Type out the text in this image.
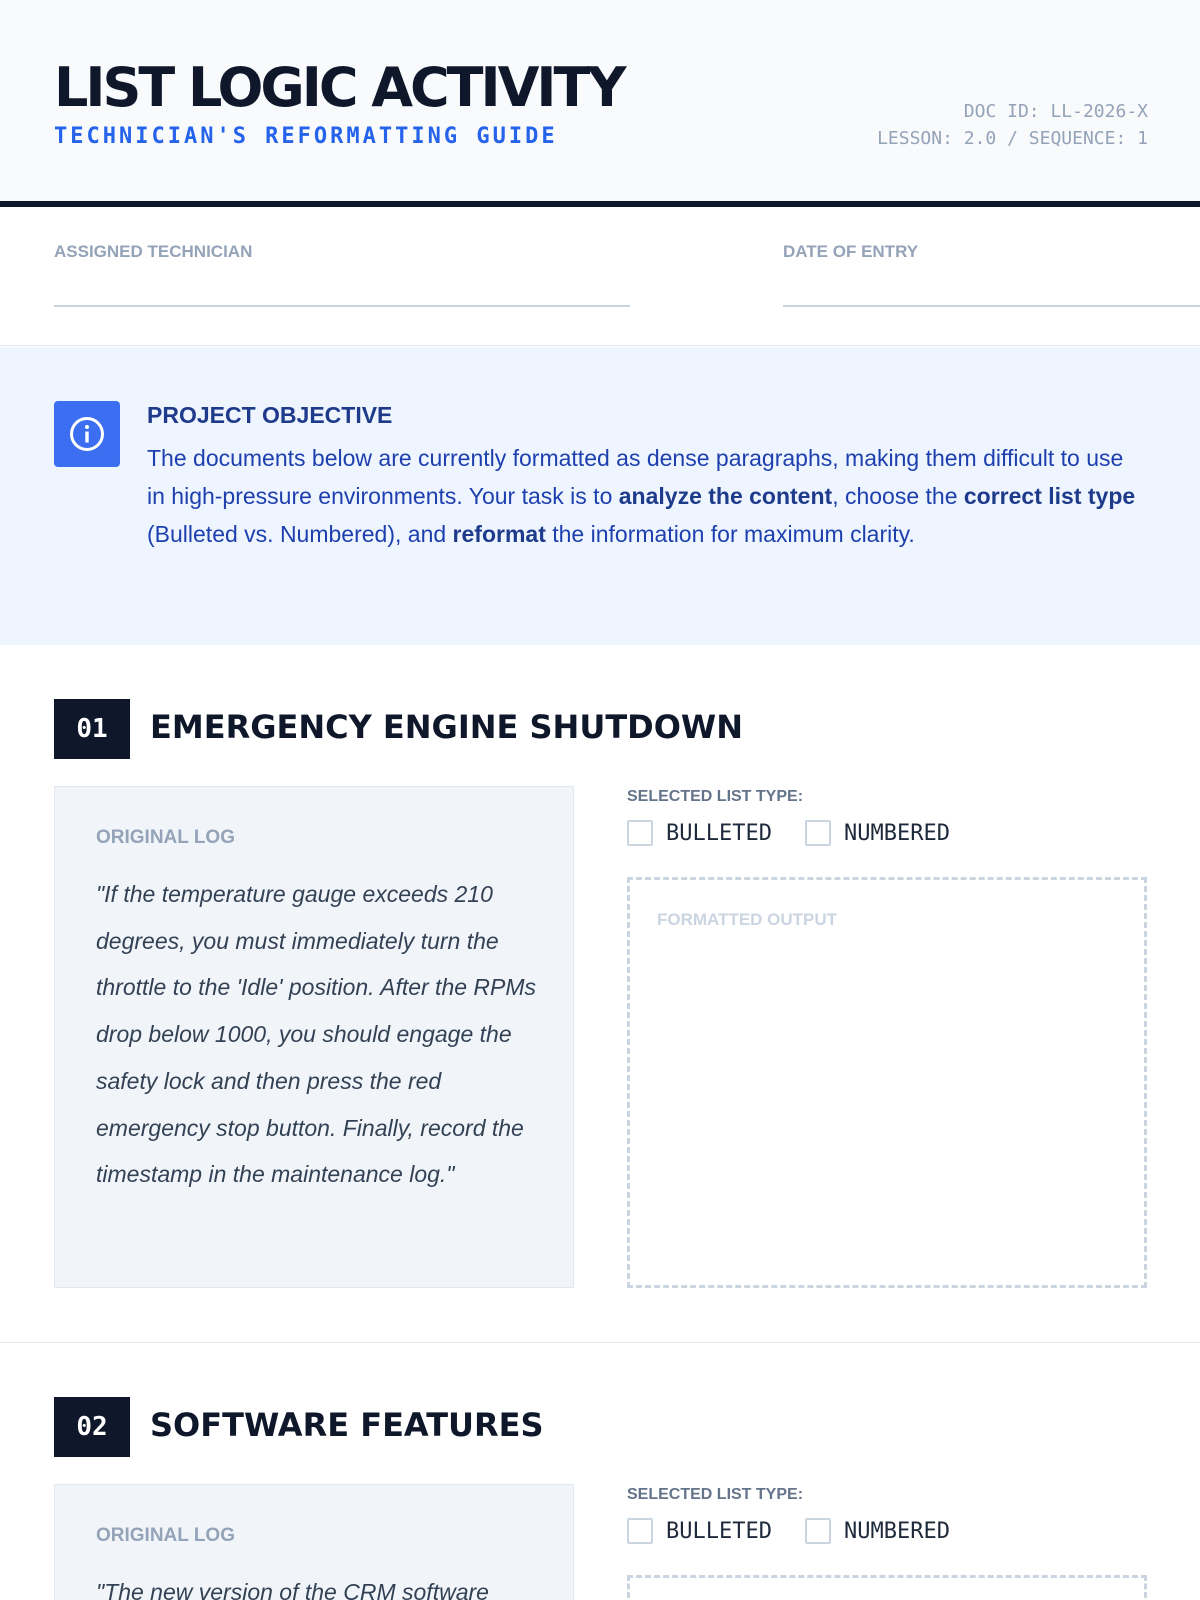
LIST LOGIC ACTIVITY
TECHNICIAN'S REFORMATTING GUIDE
DOC ID: LL-2026-X
LESSON: 2.0 / SEQUENCE: 1
ASSIGNED TECHNICIAN	DATE OF ENTRY
PROJECT OBJECTIVE
The documents below are currently formatted as dense paragraphs, making them difficult to use in high-pressure environments. Your task is to analyze the content, choose the correct list type (Bulleted vs. Numbered), and reformat the information for maximum clarity.
01	EMERGENCY ENGINE SHUTDOWN
ORIGINAL LOG
"If the temperature gauge exceeds 210 degrees, you must immediately turn the throttle to the 'Idle' position. After the RPMs drop below 1000, you should engage the safety lock and then press the red emergency stop button. Finally, record the timestamp in the maintenance log."
SELECTED LIST TYPE:
BULLETED	NUMBERED
FORMATTED OUTPUT
02	SOFTWARE FEATURES
ORIGINAL LOG
"The new version of the CRM software
SELECTED LIST TYPE:
BULLETED	NUMBERED
